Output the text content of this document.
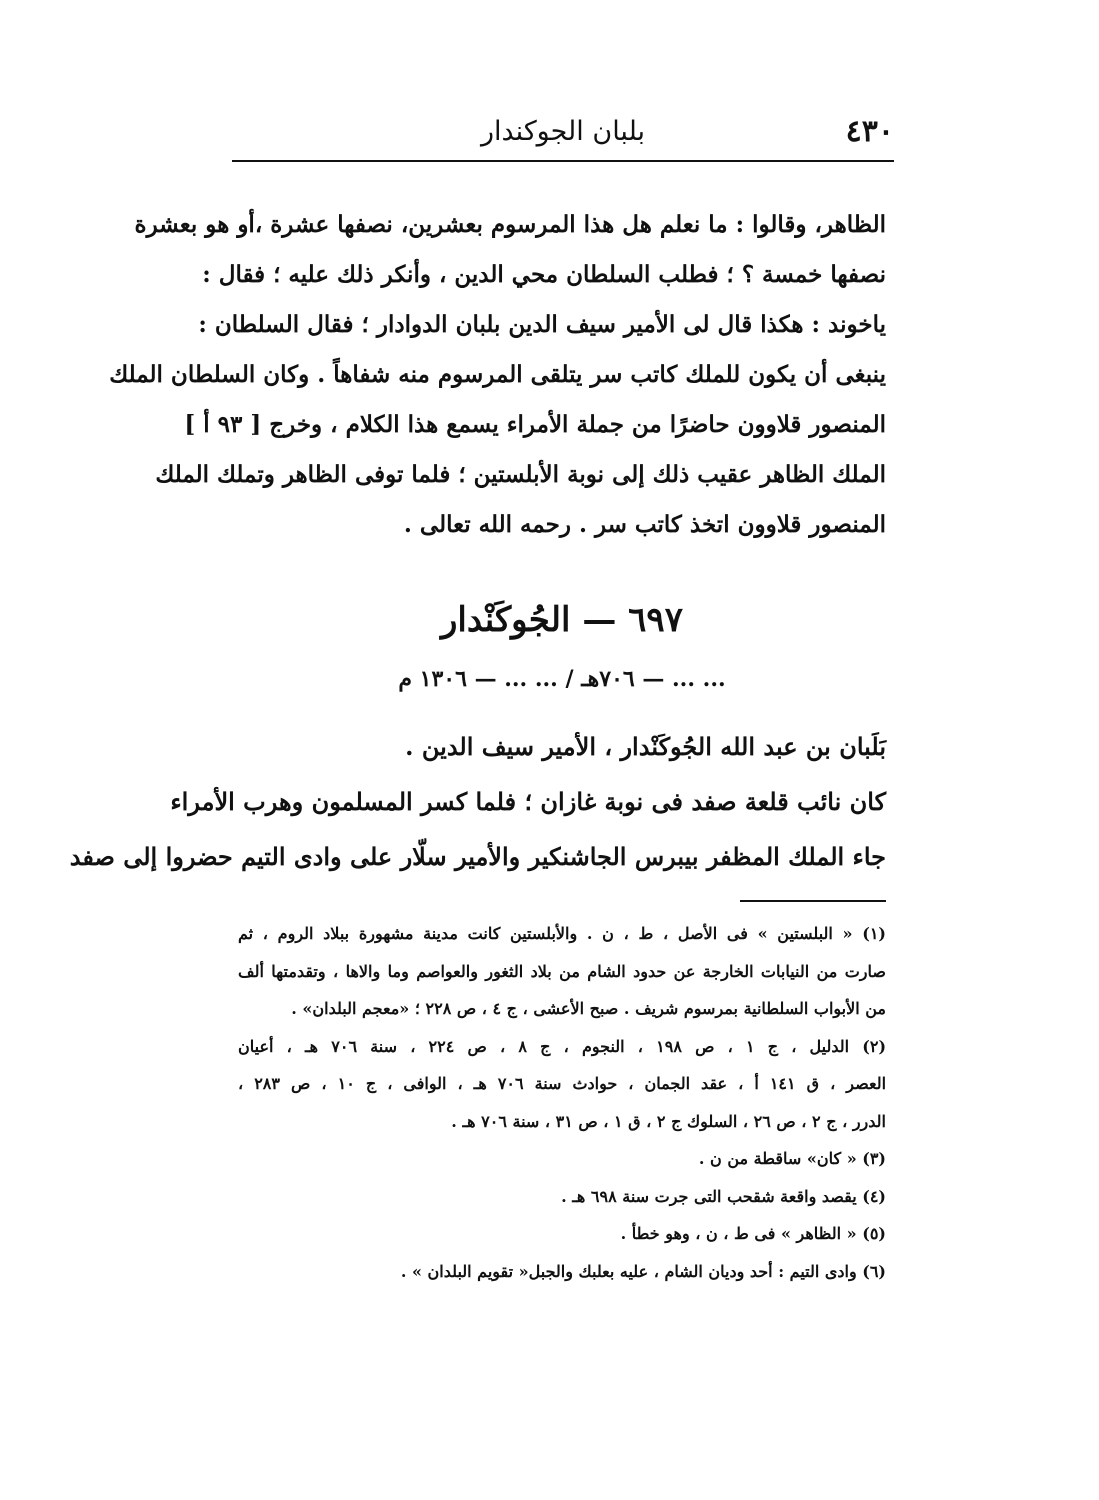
٤٣٠
بلبان الجوكندار
الظاهر، وقالوا : ما نعلم هل هذا المرسوم بعشرين، نصفها عشرة ،أو هو بعشرة
نصفها خمسة ؟ ؛ فطلب السلطان محي الدين ، وأنكر ذلك عليه ؛ فقال :
ياخوند : هكذا قال لى الأمير سيف الدين بلبان الدوادار ؛ فقال السلطان :
ينبغى أن يكون للملك كاتب سر يتلقى المرسوم منه شفاهاً . وكان السلطان الملك
المنصور قلاوون حاضرًا من جملة الأمراء يسمع هذا الكلام ، وخرج [ ٩٣ أ ]
الملك الظاهر عقيب ذلك إلى نوبة الأبلستين ؛ فلما توفى الظاهر وتملك الملك
المنصور قلاوون اتخذ كاتب سر . رحمه الله تعالى .
٦٩٧ — الجُوكَنْدار
... ... — ٧٠٦هـ / ... ... — ١٣٠٦ م
بَلَبان بن عبد الله الجُوكَنْدار ، الأمير سيف الدين .
كان نائب قلعة صفد فى نوبة غازان ؛ فلما كسر المسلمون وهرب الأمراء
جاء الملك المظفر بيبرس الجاشنكير والأمير سلّار على وادى التيم حضروا إلى صفد
(١) « البلستين » فى الأصل ، ط ، ن . والأبلستين كانت مدينة مشهورة ببلاد الروم ، ثم
صارت من النيابات الخارجة عن حدود الشام من بلاد الثغور والعواصم وما والاها ، وتقدمتها ألف
من الأبواب السلطانية بمرسوم شريف . صبح الأعشى ، ج ٤ ، ص ٢٢٨ ؛ «معجم البلدان» .
(٢) الدليل ، ج ١ ، ص ١٩٨ ، النجوم ، ج ٨ ، ص ٢٢٤ ، سنة ٧٠٦ هـ ، أعيان
العصر ، ق ١٤١ أ ، عقد الجمان ، حوادث سنة ٧٠٦ هـ ، الوافى ، ج ١٠ ، ص ٢٨٣ ،
الدرر ، ج ٢ ، ص ٢٦ ، السلوك ج ٢ ، ق ١ ، ص ٣١ ، سنة ٧٠٦ هـ .
(٣) « كان» ساقطة من ن .
(٤) يقصد واقعة شقحب التى جرت سنة ٦٩٨ هـ .
(٥) « الظاهر » فى ط ، ن ، وهو خطأ .
(٦) وادى التيم : أحد وديان الشام ، عليه بعلبك والجبل« تقويم البلدان » .
